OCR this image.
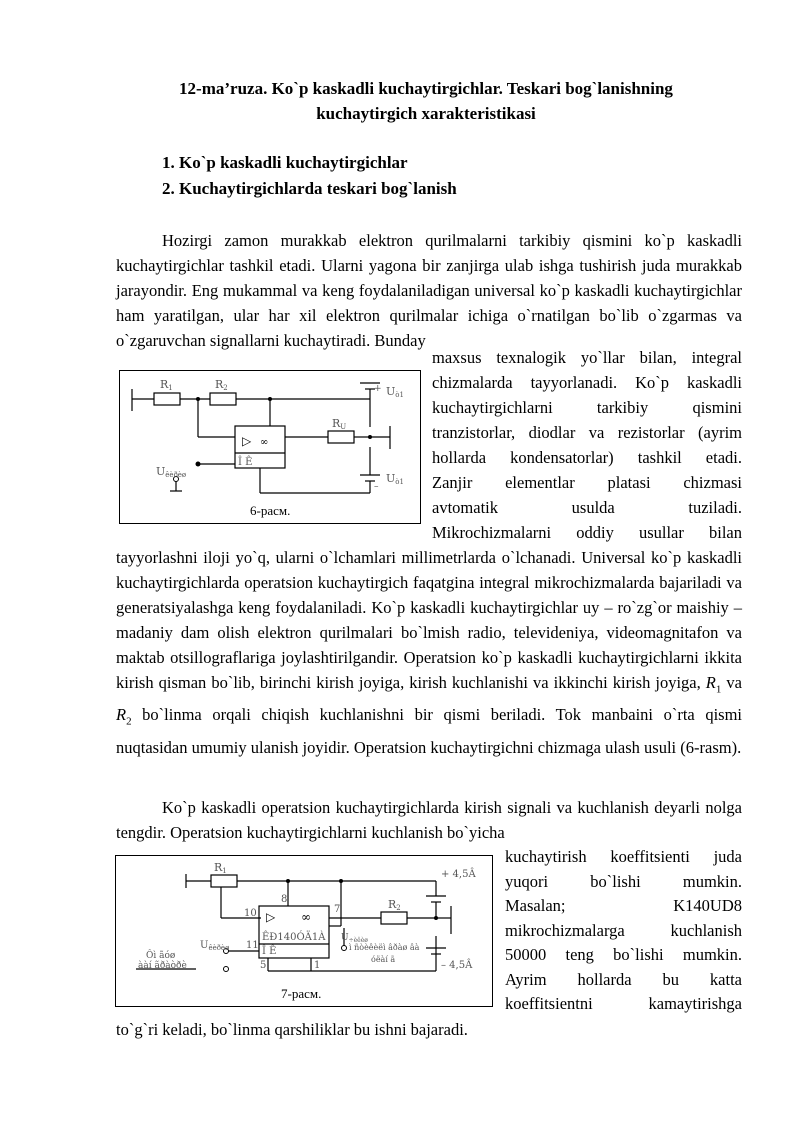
12-ma’ruza. Ko`p kaskadli kuchaytirgichlar. Teskari bog`lanishning
kuchaytirgich xarakteristikasi

1. Ko`p kaskadli kuchaytirgichlar
2. Kuchaytirgichlarda teskari bog`lanish

Hozirgi zamon murakkab elektron qurilmalarni tarkibiy qismini ko`p kaskadli kuchaytirgichlar tashkil etadi. Ularni yagona bir zanjirga ulab ishga tushirish juda murakkab jarayondir. Eng mukammal va keng foydalaniladigan universal ko`p kaskadli kuchaytirgichlar ham yaratilgan, ular har xil elektron qurilmalar ichiga o`rnatilgan bo`lib o`zgarmas va o`zgaruvchan signallarni kuchaytiradi. Bunday

R1	R2
RU
Uò1
Uò1
Uêèðèø
Î Ê
+
–
▷ ∞
6-расм.
maxsus texnalogik yo`llar bilan, integral
chizmalarda tayyorlanadi. Ko`p kaskadli
kuchaytirgichlarni tarkibiy qismini
tranzistorlar, diodlar va rezistorlar (ayrim
hollarda kondensatorlar) tashkil etadi.
Zanjir elementlar platasi chizmasi
avtomatik usulda tuziladi.
Mikrochizmalarni oddiy usullar bilan

tayyorlashni iloji yo`q, ularni o`lchamlari millimetrlarda o`lchanadi. Universal ko`p kaskadli kuchaytirgichlarda operatsion kuchaytirgich faqatgina integral mikrochizmalarda bajariladi va generatsiyalashga keng foydalaniladi. Ko`p kaskadli kuchaytirgichlar uy – ro`zg`or maishiy – madaniy dam olish elektron qurilmalari bo`lmish radio, televideniya, videomagnitafon va maktab otsillograflariga joylashtirilgandir. Operatsion ko`p kaskadli kuchaytirgichlarni ikkita kirish qisman bo`lib, birinchi kirish joyiga, kirish kuchlanishi va ikkinchi kirish joyiga, $R_1$ va $R_2$ bo`linma orqali chiqish kuchlanishni bir qismi beriladi. Tok manbaini o`rta qismi nuqtasidan umumiy ulanish joyidir. Operatsion kuchaytirgichni chizmaga ulash usuli (6-rasm).

Ko`p kaskadli operatsion kuchaytirgichlarda kirish signali va kuchlanish deyarli nolga tengdir. Operatsion kuchaytirgichlarni kuchlanish bo`yicha

R1
R2
8
7
10
11
5	1
ÊÐ140ÓÄ1À
Î Ê
▷ ∞
+ 4,5Â
– 4,5Â
$U_{êèðèø}$
$U_{\div èêèø}$
ì ñòèêèëì âðàø âà
óëàí ã
Ôì ãóø
ààí ãðàòðè
7-расм.
kuchaytirish koeffitsienti juda
yuqori bo`lishi mumkin.
Masalan; K140UD8
mikrochizmalarga kuchlanish
50000 teng bo`lishi mumkin.
Ayrim hollarda bu katta
koeffitsientni kamaytirishga

to`g`ri keladi, bo`linma qarshiliklar bu ishni bajaradi.
